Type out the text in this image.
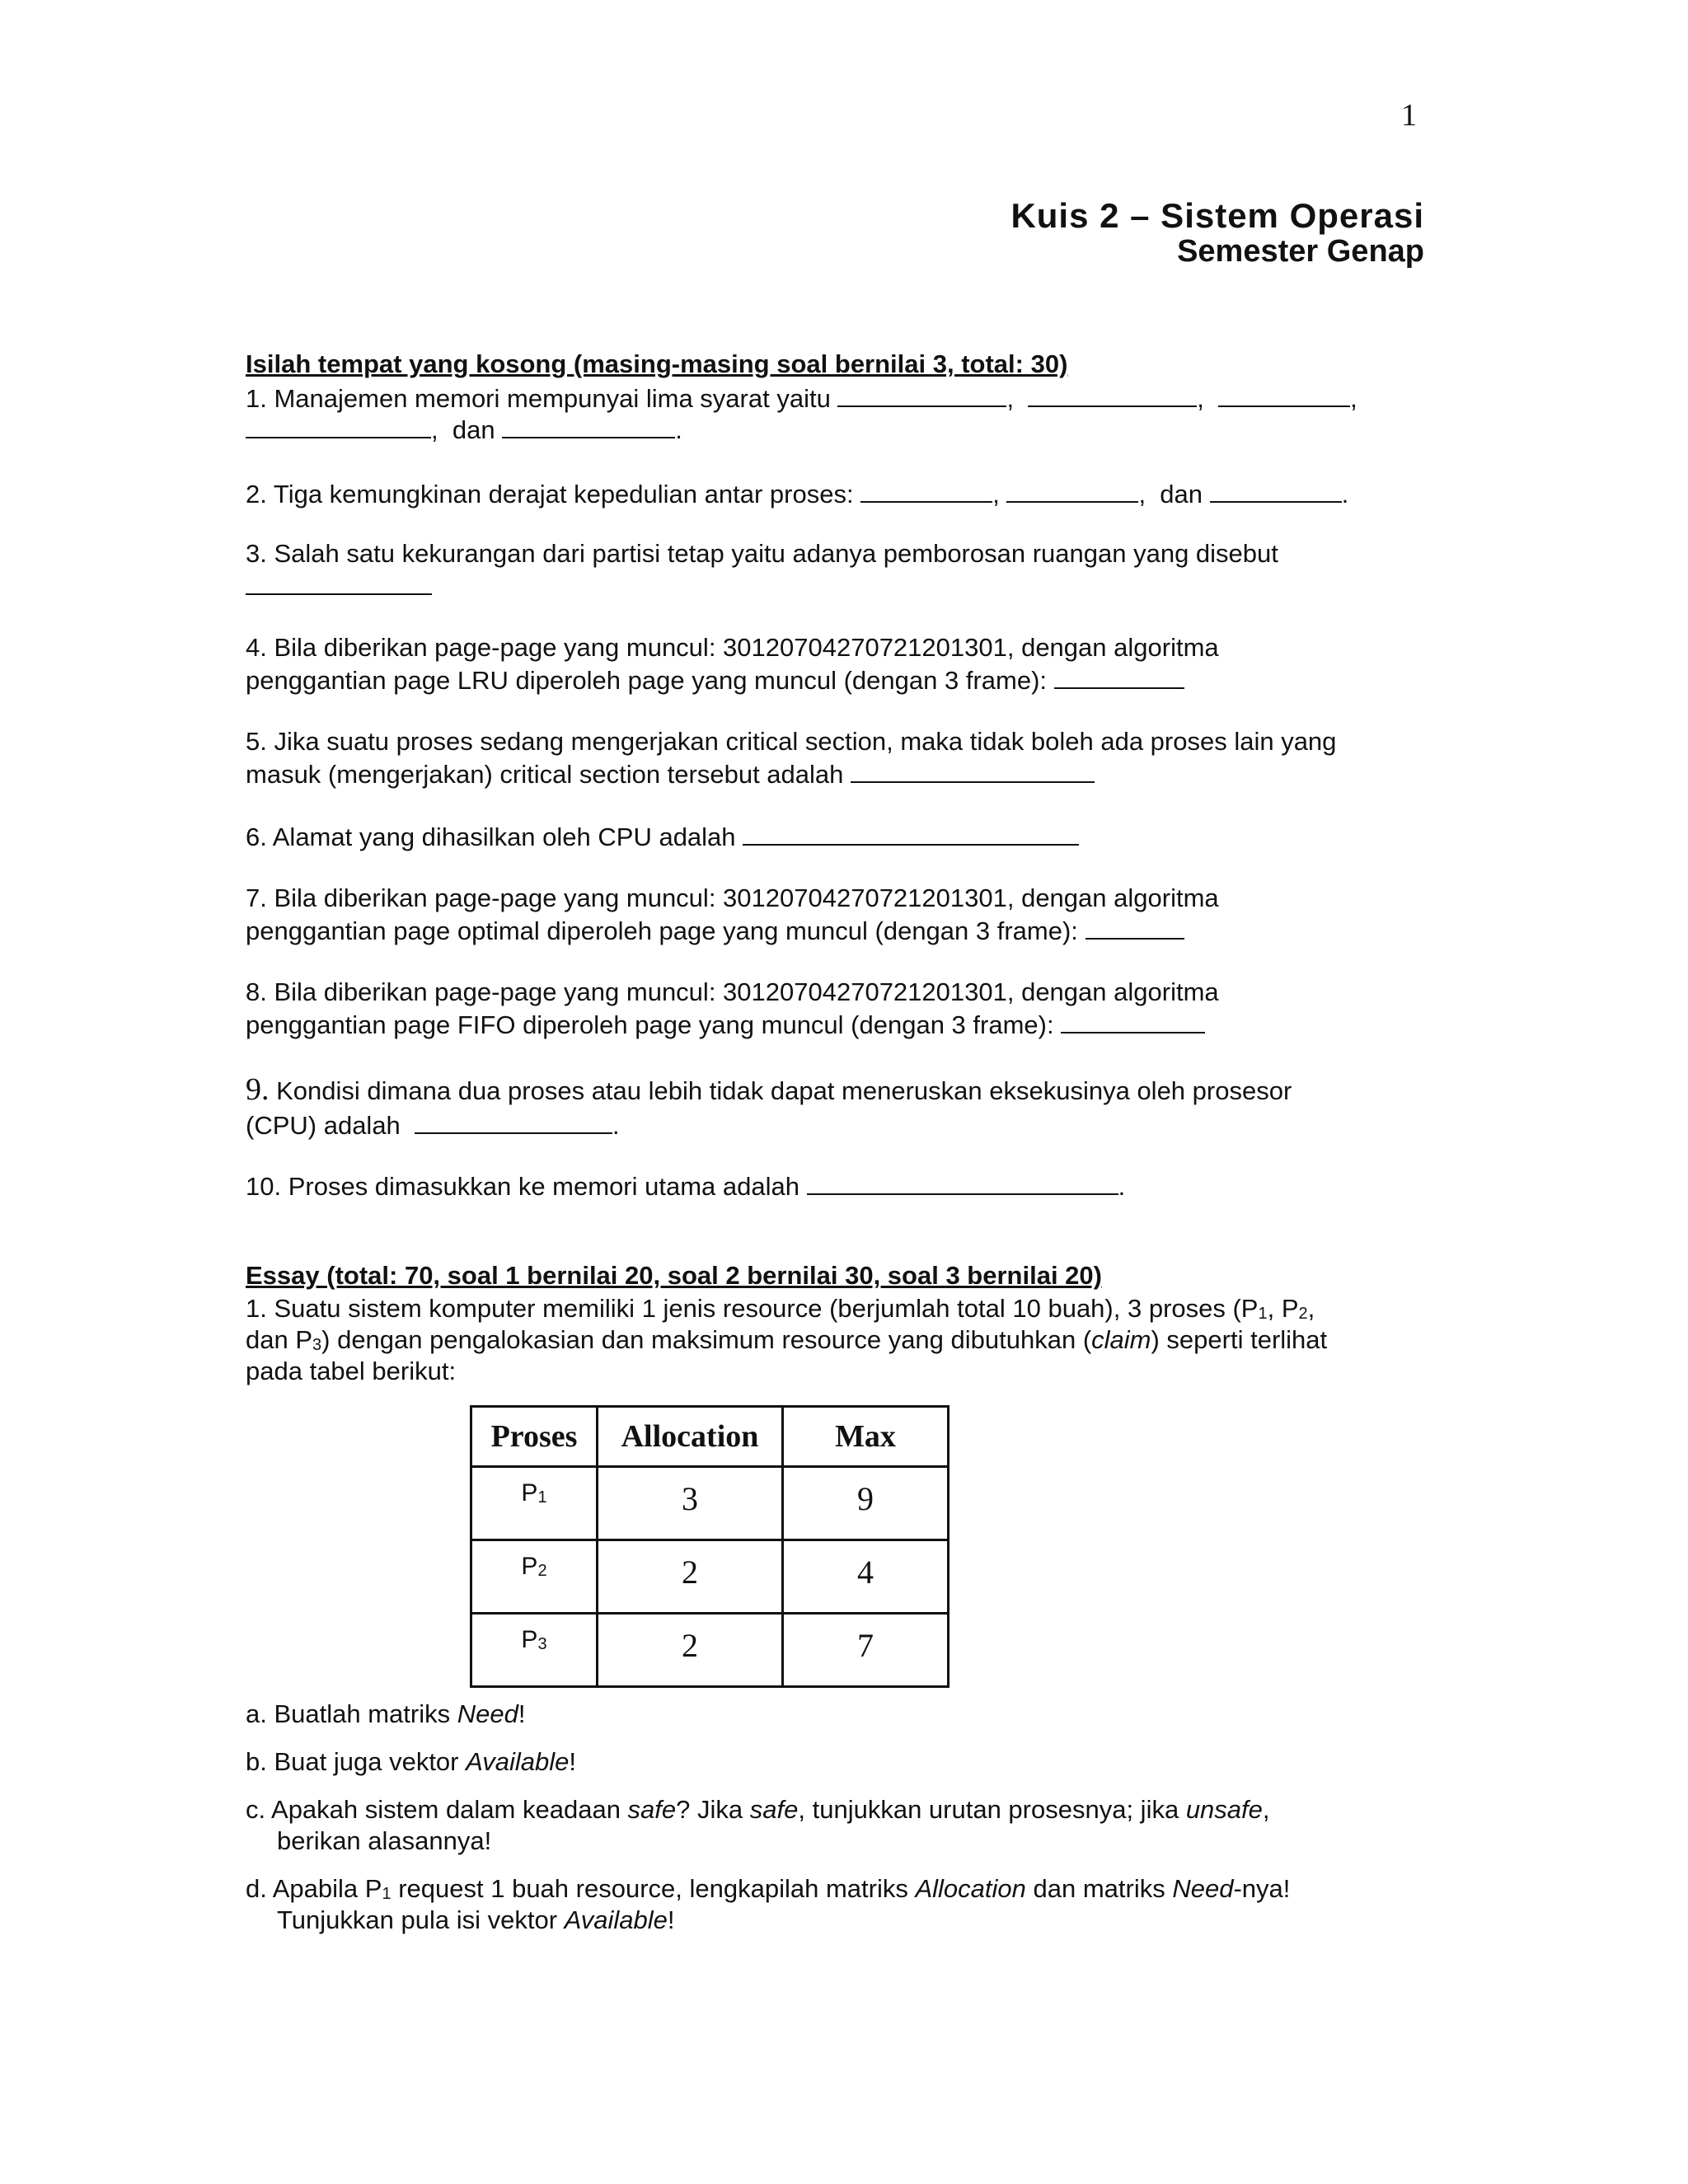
1
Kuis 2 – Sistem Operasi
Semester Genap
Isilah tempat yang kosong (masing-masing soal bernilai 3, total: 30)
1. Manajemen memori mempunyai lima syarat yaitu	,	,	,
,  dan	.
2. Tiga kemungkinan derajat kepedulian antar proses:	,	,  dan	.
3. Salah satu kekurangan dari partisi tetap yaitu adanya pemborosan ruangan yang disebut
4. Bila diberikan page-page yang muncul: 30120704270721201301, dengan algoritma
penggantian page LRU diperoleh page yang muncul (dengan 3 frame):
5. Jika suatu proses sedang mengerjakan critical section, maka tidak boleh ada proses lain yang
masuk (mengerjakan) critical section tersebut adalah
6. Alamat yang dihasilkan oleh CPU adalah
7. Bila diberikan page-page yang muncul: 30120704270721201301, dengan algoritma
penggantian page optimal diperoleh page yang muncul (dengan 3 frame):
8. Bila diberikan page-page yang muncul: 30120704270721201301, dengan algoritma
penggantian page FIFO diperoleh page yang muncul (dengan 3 frame):
9. Kondisi dimana dua proses atau lebih tidak dapat meneruskan eksekusinya oleh prosesor
(CPU) adalah	.
10. Proses dimasukkan ke memori utama adalah	.
Essay (total: 70, soal 1 bernilai 20, soal 2 bernilai 30, soal 3 bernilai 20)
1. Suatu sistem komputer memiliki 1 jenis resource (berjumlah total 10 buah), 3 proses ($P_1$, $P_2$,
dan $P_3$) dengan pengalokasian dan maksimum resource yang dibutuhkan (claim) seperti terlihat
pada tabel berikut:
Proses	Allocation	Max
$P_1$	3	9
$P_2$	2	4
$P_3$	2	7
a. Buatlah matriks Need!
b. Buat juga vektor Available!
c. Apakah sistem dalam keadaan safe? Jika safe, tunjukkan urutan prosesnya; jika unsafe,
berikan alasannya!
d. Apabila $P_1$ request 1 buah resource, lengkapilah matriks Allocation dan matriks Need-nya!
Tunjukkan pula isi vektor Available!
